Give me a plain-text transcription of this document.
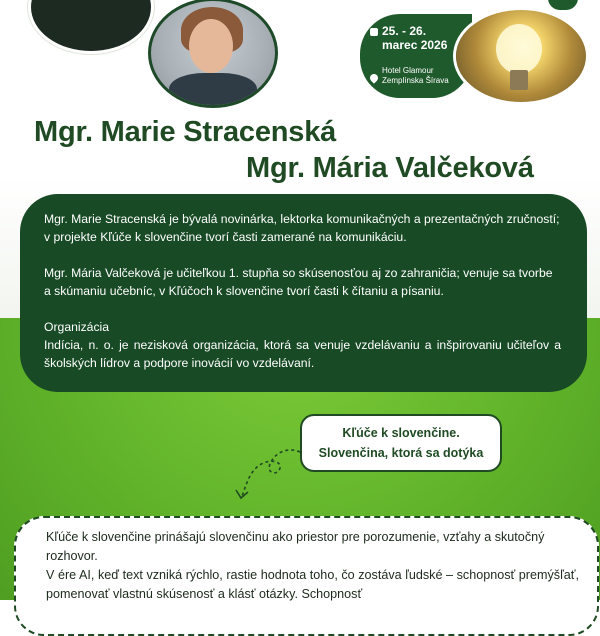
25. - 26.
marec 2026
Hotel Glamour
Zemplínska Šírava
Mgr. Marie Stracenská
Mgr. Mária Valčeková

Mgr. Marie Stracenská je bývalá novinárka, lektorka komunikačných a prezentačných zručností; v projekte Kľúče k slovenčine tvorí časti zamerané na komunikáciu.

Mgr. Mária Valčeková je učiteľkou 1. stupňa so skúsenosťou aj zo zahraničia; venuje sa tvorbe a skúmaniu učebníc, v Kľúčoch k slovenčine tvorí časti k čítaniu a písaniu.

Organizácia
Indícia, n. o. je nezisková organizácia, ktorá sa venuje vzdelávaniu a inšpirovaniu učiteľov a školských lídrov a podpore inovácií vo vzdelávaní.

Kľúče k slovenčine.
Slovenčina, ktorá sa dotýka

Kľúče k slovenčine prinášajú slovenčinu ako priestor pre porozumenie, vzťahy a skutočný rozhovor.

V ére AI, keď text vzniká rýchlo, rastie hodnota toho, čo zostáva ľudské – schopnosť premýšľať, pomenovať vlastnú skúsenosť a klásť otázky. Schopnosť
